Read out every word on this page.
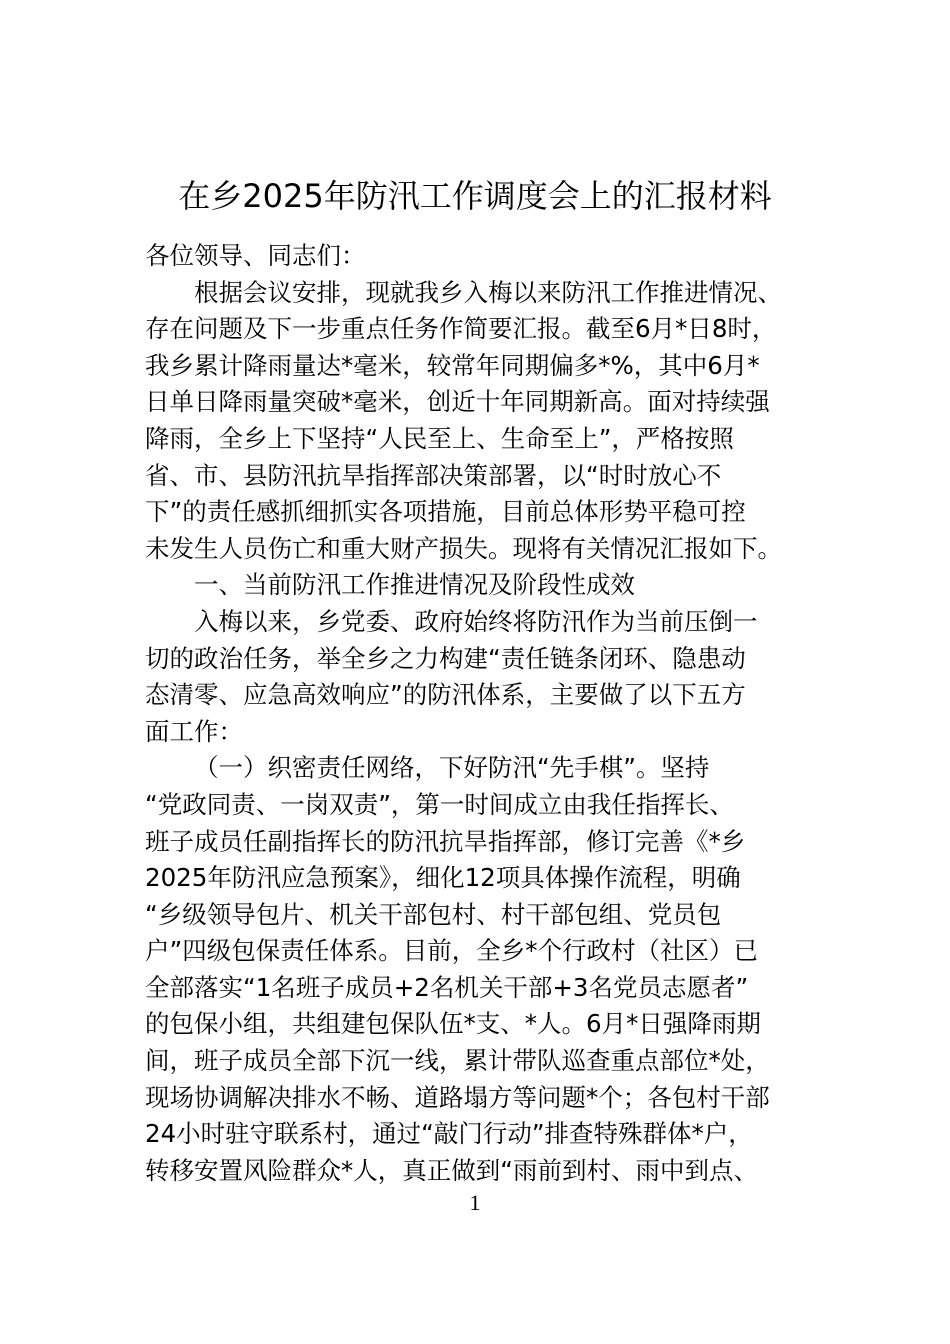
在乡2025年防汛工作调度会上的汇报材料
各位领导、同志们：
根据会议安排，现就我乡入梅以来防汛工作推进情况、
存在问题及下一步重点任务作简要汇报。截至6月*日8时，
我乡累计降雨量达*毫米，较常年同期偏多*%，其中6月*
日单日降雨量突破*毫米，创近十年同期新高。面对持续强
降雨，全乡上下坚持“人民至上、生命至上”，严格按照
省、市、县防汛抗旱指挥部决策部署，以“时时放心不
下”的责任感抓细抓实各项措施，目前总体形势平稳可控
未发生人员伤亡和重大财产损失。现将有关情况汇报如下。
一、当前防汛工作推进情况及阶段性成效
入梅以来，乡党委、政府始终将防汛作为当前压倒一
切的政治任务，举全乡之力构建“责任链条闭环、隐患动
态清零、应急高效响应”的防汛体系，主要做了以下五方
面工作：
（一）织密责任网络，下好防汛“先手棋”。坚持
“党政同责、一岗双责”，第一时间成立由我任指挥长、
班子成员任副指挥长的防汛抗旱指挥部，修订完善《*乡
2025年防汛应急预案》，细化12项具体操作流程，明确
“乡级领导包片、机关干部包村、村干部包组、党员包
户”四级包保责任体系。目前，全乡*个行政村（社区）已
全部落实“1名班子成员+2名机关干部+3名党员志愿者”
的包保小组，共组建包保队伍*支、*人。6月*日强降雨期
间，班子成员全部下沉一线，累计带队巡查重点部位*处，
现场协调解决排水不畅、道路塌方等问题*个；各包村干部
24小时驻守联系村，通过“敲门行动”排查特殊群体*户，
转移安置风险群众*人，真正做到“雨前到村、雨中到点、
1
